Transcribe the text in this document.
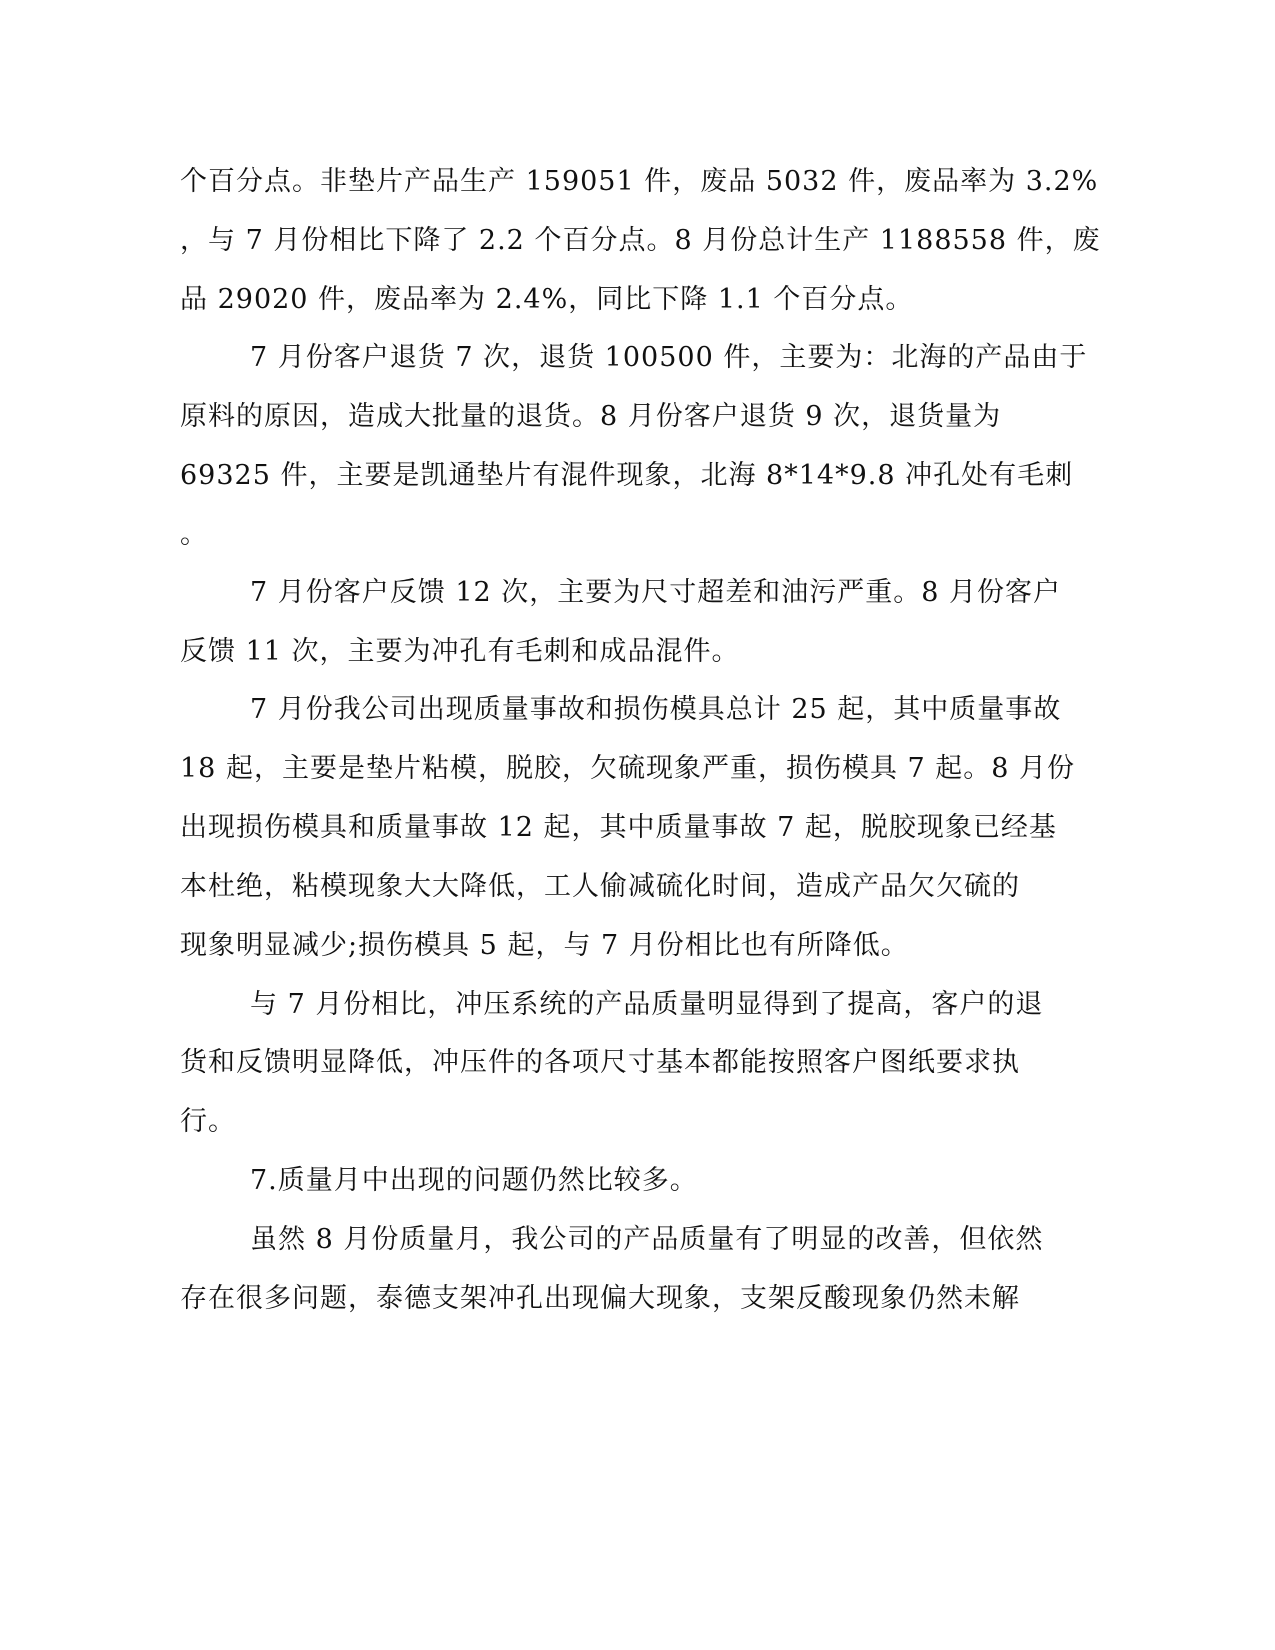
个百分点。非垫片产品生产 159051 件，废品 5032 件，废品率为 3.2%
，与 7 月份相比下降了 2.2 个百分点。8 月份总计生产 1188558 件，废
品 29020 件，废品率为 2.4%，同比下降 1.1 个百分点。
7 月份客户退货 7 次，退货 100500 件，主要为：北海的产品由于
原料的原因，造成大批量的退货。8 月份客户退货 9 次，退货量为
69325 件，主要是凯通垫片有混件现象，北海 8*14*9.8 冲孔处有毛刺
。
7 月份客户反馈 12 次，主要为尺寸超差和油污严重。8 月份客户
反馈 11 次，主要为冲孔有毛刺和成品混件。
7 月份我公司出现质量事故和损伤模具总计 25 起，其中质量事故
18 起，主要是垫片粘模，脱胶，欠硫现象严重，损伤模具 7 起。8 月份
出现损伤模具和质量事故 12 起，其中质量事故 7 起，脱胶现象已经基
本杜绝，粘模现象大大降低，工人偷减硫化时间，造成产品欠欠硫的
现象明显减少;损伤模具 5 起，与 7 月份相比也有所降低。
与 7 月份相比，冲压系统的产品质量明显得到了提高，客户的退
货和反馈明显降低，冲压件的各项尺寸基本都能按照客户图纸要求执
行。
7.质量月中出现的问题仍然比较多。
虽然 8 月份质量月，我公司的产品质量有了明显的改善，但依然
存在很多问题，泰德支架冲孔出现偏大现象，支架反酸现象仍然未解
